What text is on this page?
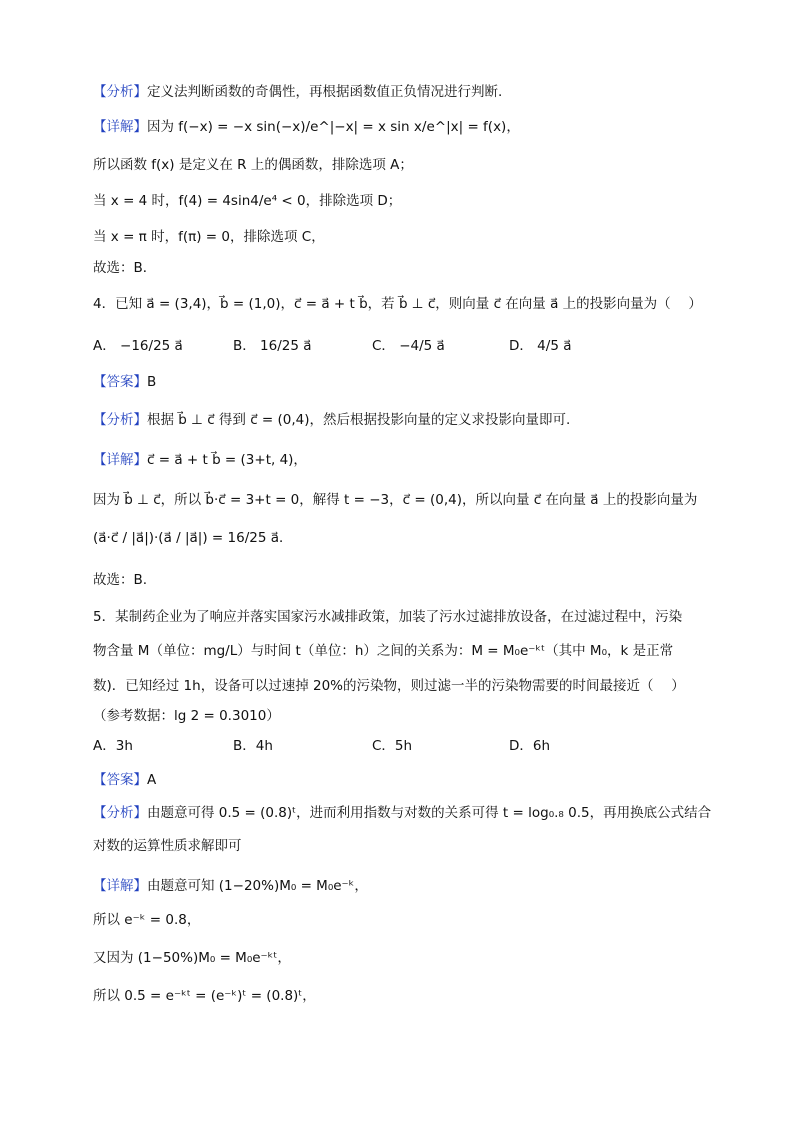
【分析】定义法判断函数的奇偶性，再根据函数值正负情况进行判断.
【详解】因为 f(−x) = −x sin(−x)/e^|−x| = x sin x/e^|x| = f(x)，
所以函数 f(x) 是定义在 R 上的偶函数，排除选项 A；
当 x = 4 时，f(4) = 4sin4/e⁴ < 0，排除选项 D；
当 x = π 时，f(π) = 0，排除选项 C，
故选：B．
4．已知 a⃗ = (3,4)，b⃗ = (1,0)，c⃗ = a⃗ + t b⃗，若 b⃗ ⊥ c⃗，则向量 c⃗ 在向量 a⃗ 上的投影向量为（　 ）
A． −16/25 a⃗	B． 16/25 a⃗	C． −4/5 a⃗	D． 4/5 a⃗
【答案】B
【分析】根据 b⃗ ⊥ c⃗ 得到 c⃗ = (0,4)，然后根据投影向量的定义求投影向量即可.
【详解】c⃗ = a⃗ + t b⃗ = (3+t, 4)，
因为 b⃗ ⊥ c⃗，所以 b⃗·c⃗ = 3+t = 0，解得 t = −3，c⃗ = (0,4)，所以向量 c⃗ 在向量 a⃗ 上的投影向量为
(a⃗·c⃗ / |a⃗|)·(a⃗ / |a⃗|) = 16/25 a⃗．
故选：B.
5．某制药企业为了响应并落实国家污水减排政策，加装了污水过滤排放设备，在过滤过程中，污染
物含量 M（单位：mg/L）与时间 t（单位：h）之间的关系为：M = M₀e⁻ᵏᵗ（其中 M₀，k 是正常
数)．已知经过 1h，设备可以过速掉 20%的污染物，则过滤一半的污染物需要的时间最接近（　 ）
（参考数据：lg 2 = 0.3010）
A．3h	B．4h	C．5h	D．6h
【答案】A
【分析】由题意可得 0.5 = (0.8)ᵗ，进而利用指数与对数的关系可得 t = log₀.₈ 0.5，再用换底公式结合
对数的运算性质求解即可
【详解】由题意可知 (1−20%)M₀ = M₀e⁻ᵏ，
所以 e⁻ᵏ = 0.8，
又因为 (1−50%)M₀ = M₀e⁻ᵏᵗ，
所以 0.5 = e⁻ᵏᵗ = (e⁻ᵏ)ᵗ = (0.8)ᵗ，
